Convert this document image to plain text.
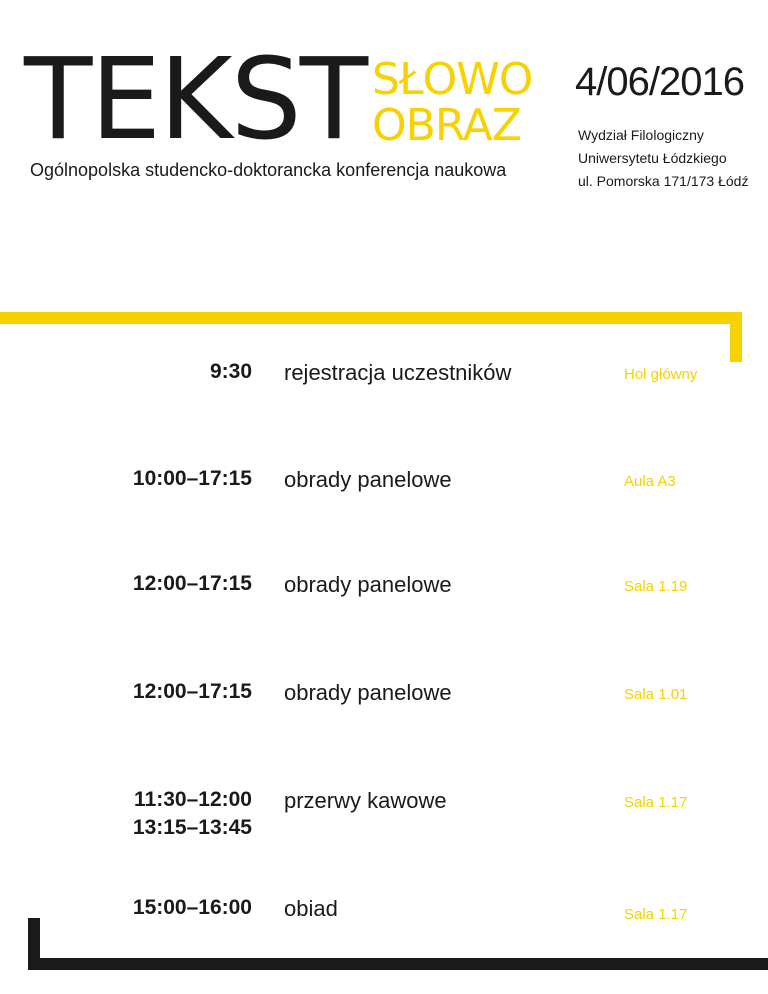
TEKST SŁOWO
OBRAZ
Ogólnopolska studencko-doktorancka konferencja naukowa
4/06/2016
Wydział Filologiczny
Uniwersytetu Łódzkiego
ul. Pomorska 171/173 Łódź
9:30 rejestracja uczestników	Hol główny
10:00–17:15 obrady panelowe	Aula A3
12:00–17:15 obrady panelowe	Sala 1.19
12:00–17:15 obrady panelowe	Sala 1.01
11:30–12:00
13:15–13:45
przerwy kawowe	Sala 1.17
15:00–16:00 obiad	Sala 1.17
